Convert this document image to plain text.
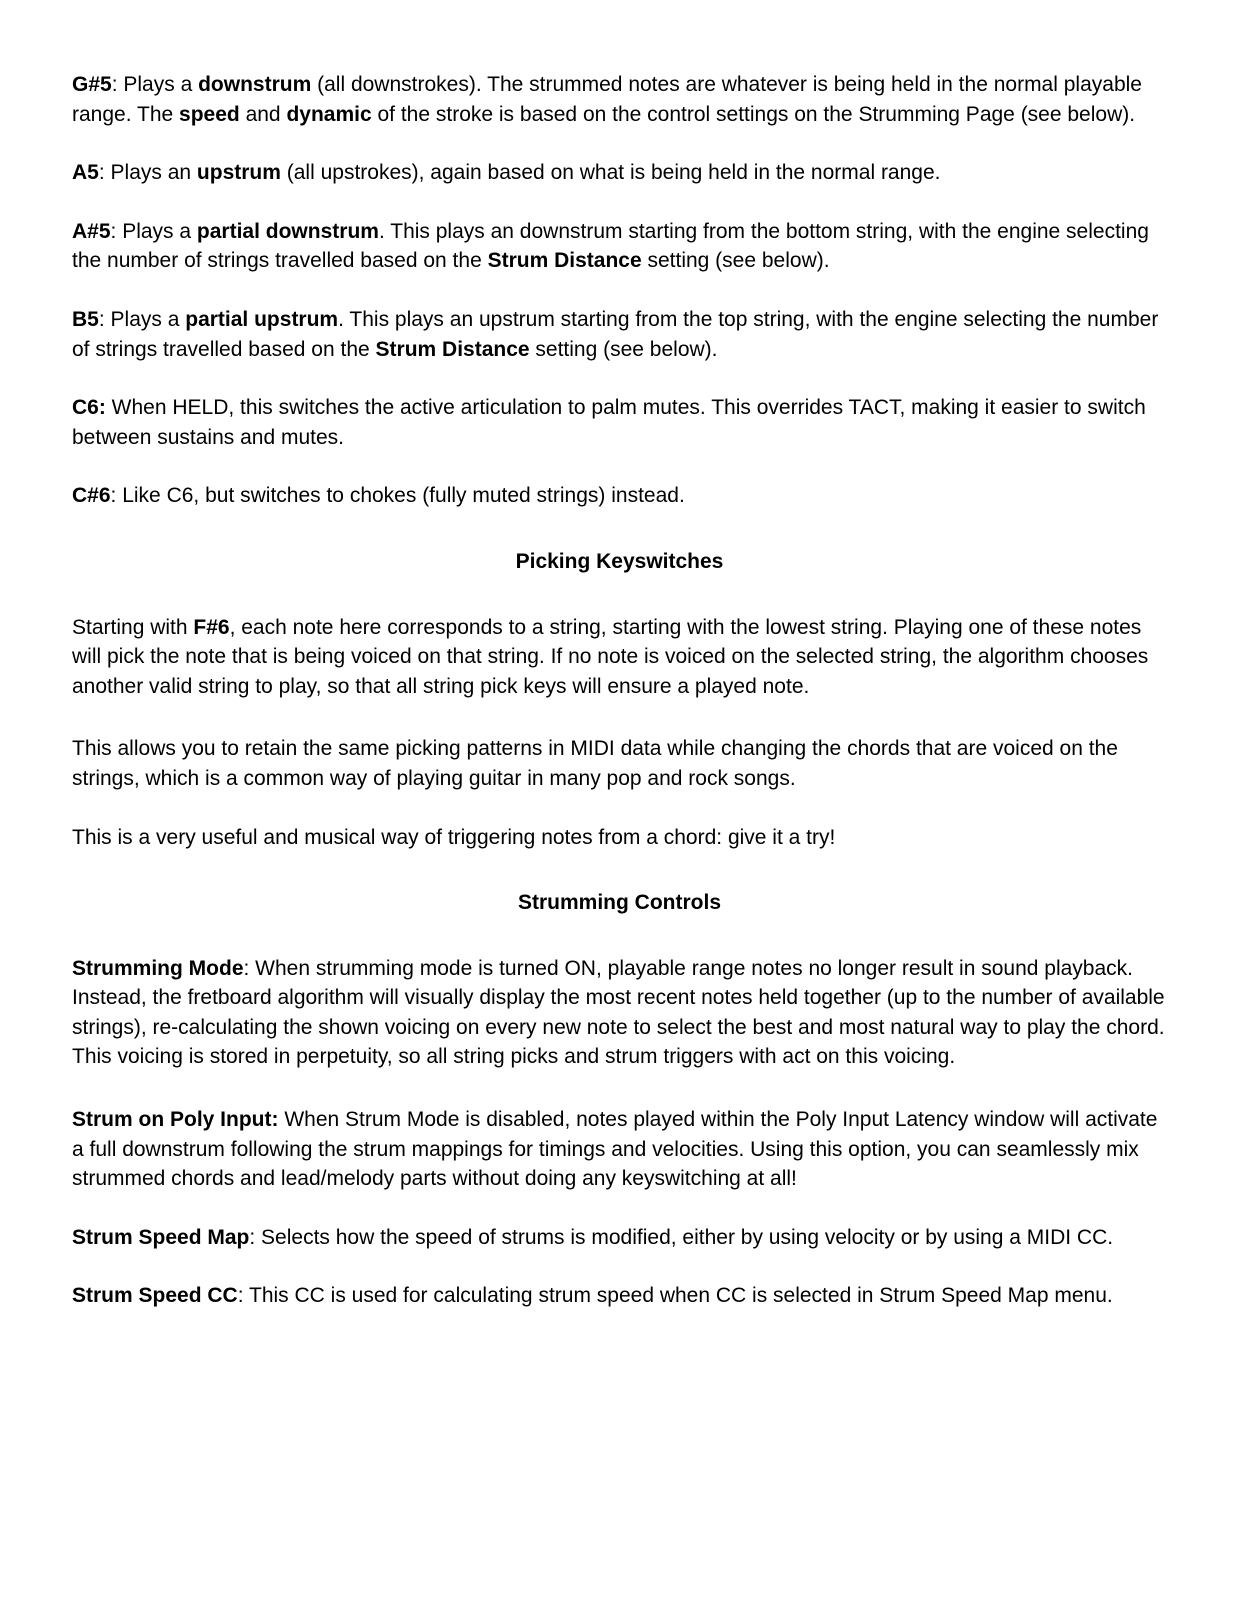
G#5: Plays a downstrum (all downstrokes). The strummed notes are whatever is being held in the normal playable range. The speed and dynamic of the stroke is based on the control settings on the Strumming Page (see below).

A5: Plays an upstrum (all upstrokes), again based on what is being held in the normal range.

A#5: Plays a partial downstrum. This plays an downstrum starting from the bottom string, with the engine selecting the number of strings travelled based on the Strum Distance setting (see below).

B5: Plays a partial upstrum. This plays an upstrum starting from the top string, with the engine selecting the number of strings travelled based on the Strum Distance setting (see below).

C6: When HELD, this switches the active articulation to palm mutes. This overrides TACT, making it easier to switch between sustains and mutes.

C#6: Like C6, but switches to chokes (fully muted strings) instead.

Picking Keyswitches

Starting with F#6, each note here corresponds to a string, starting with the lowest string. Playing one of these notes will pick the note that is being voiced on that string. If no note is voiced on the selected string, the algorithm chooses another valid string to play, so that all string pick keys will ensure a played note.

This allows you to retain the same picking patterns in MIDI data while changing the chords that are voiced on the strings, which is a common way of playing guitar in many pop and rock songs.

This is a very useful and musical way of triggering notes from a chord: give it a try!

Strumming Controls

Strumming Mode: When strumming mode is turned ON, playable range notes no longer result in sound playback. Instead, the fretboard algorithm will visually display the most recent notes held together (up to the number of available strings), re-calculating the shown voicing on every new note to select the best and most natural way to play the chord. This voicing is stored in perpetuity, so all string picks and strum triggers with act on this voicing.

Strum on Poly Input: When Strum Mode is disabled, notes played within the Poly Input Latency window will activate a full downstrum following the strum mappings for timings and velocities. Using this option, you can seamlessly mix strummed chords and lead/melody parts without doing any keyswitching at all!

Strum Speed Map: Selects how the speed of strums is modified, either by using velocity or by using a MIDI CC.

Strum Speed CC: This CC is used for calculating strum speed when CC is selected in Strum Speed Map menu.
